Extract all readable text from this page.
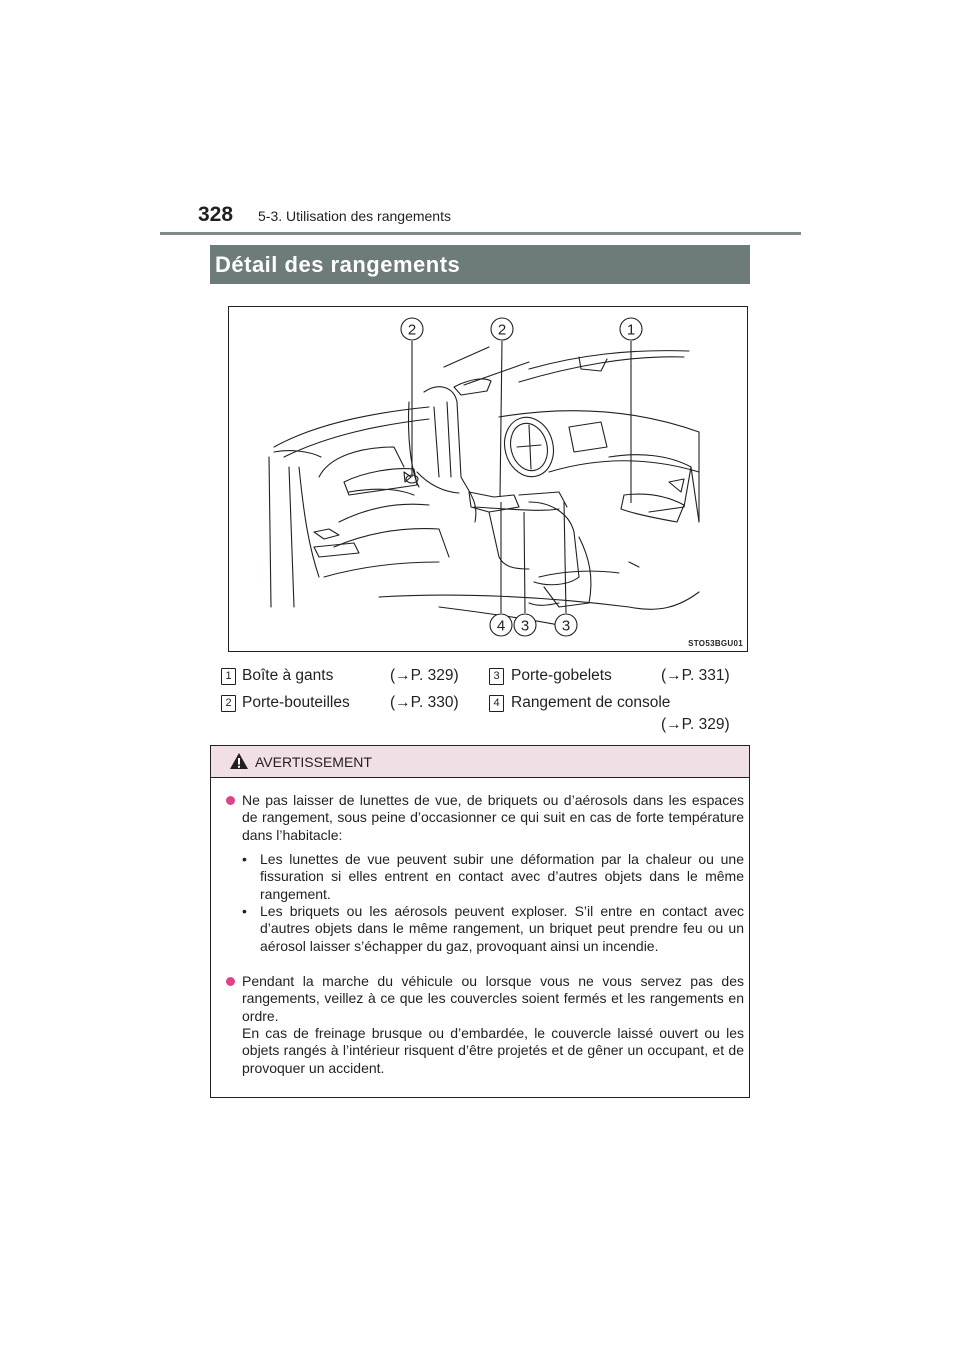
328 5-3. Utilisation des rangements
Détail des rangements
2	2	1
4 3 3
STO53BGU01
1 Boîte à gants	(→P. 329)
2 Porte-bouteilles	(→P. 330)
3 Porte-gobelets	(→P. 331)
4 Rangement de console
(→P. 329)
AVERTISSEMENT
Ne pas laisser de lunettes de vue, de briquets ou d’aérosols dans les espaces de rangement, sous peine d’occasionner ce qui suit en cas de forte température dans l’habitacle:
• Les lunettes de vue peuvent subir une déformation par la chaleur ou une fissuration si elles entrent en contact avec d’autres objets dans le même rangement.
• Les briquets ou les aérosols peuvent exploser. S’il entre en contact avec d’autres objets dans le même rangement, un briquet peut prendre feu ou un aérosol laisser s’échapper du gaz, provoquant ainsi un incendie.
Pendant la marche du véhicule ou lorsque vous ne vous servez pas des rangements, veillez à ce que les couvercles soient fermés et les rangements en ordre.
En cas de freinage brusque ou d’embardée, le couvercle laissé ouvert ou les objets rangés à l’intérieur risquent d’être projetés et de gêner un occupant, et de provoquer un accident.
